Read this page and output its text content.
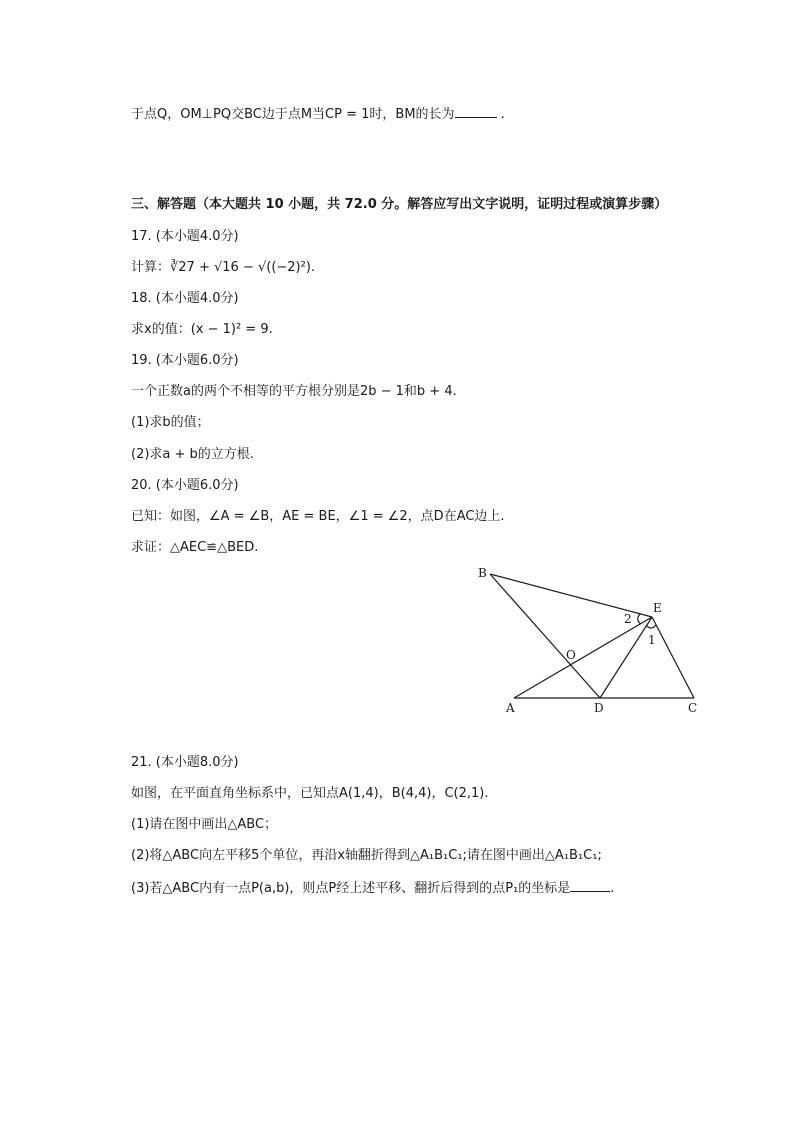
于点Q，OM⊥PQ交BC边于点M当CP = 1时，BM的长为	.
三、解答题（本大题共 10 小题，共 72.0 分。解答应写出文字说明，证明过程或演算步骤）
17. (本小题4.0分)
计算：∛27 + √16 − √((−2)²).
18. (本小题4.0分)
求x的值：(x − 1)² = 9.
19. (本小题6.0分)
一个正数a的两个不相等的平方根分别是2b − 1和b + 4.
(1)求b的值；
(2)求a + b的立方根.
20. (本小题6.0分)
已知：如图，∠A = ∠B，AE = BE，∠1 = ∠2，点D在AC边上.
求证：△AEC≌△BED.
B
E
2
1
O
A	D	C
21. (本小题8.0分)
如图，在平面直角坐标系中，已知点A(1,4)，B(4,4)，C(2,1).
(1)请在图中画出△ABC；
(2)将△ABC向左平移5个单位，再沿x轴翻折得到△A₁B₁C₁;请在图中画出△A₁B₁C₁;
(3)若△ABC内有一点P(a,b)，则点P经上述平移、翻折后得到的点P₁的坐标是	.
